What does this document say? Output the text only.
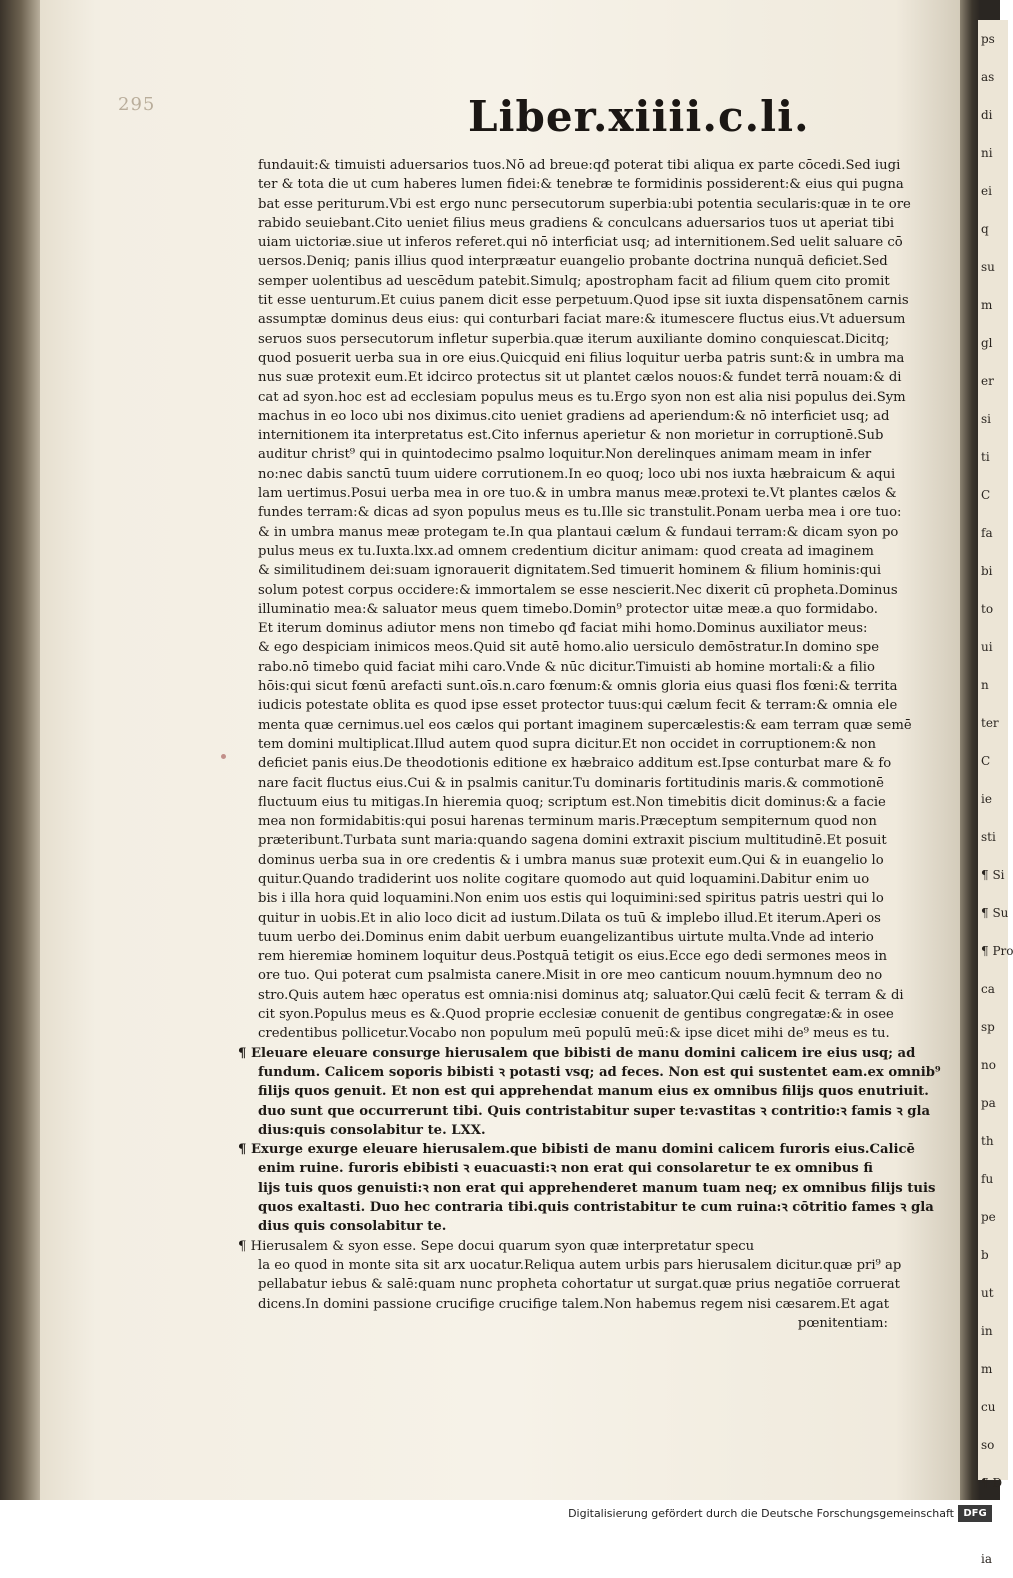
ps
as
di
ni
ei
q
su
m
gl
er
si
ti
C
fa
bi
to
ui
n
ter
C
ie
sti
¶ Si
¶ Su
¶ Pro
ca
sp
no
pa
th
fu
pe
b
ut
in
m
cu
so
¶ D
ia
295	Liber.xiiii.c.li.
fundauit:& timuisti aduersarios tuos.Nō ad breue:qđ poterat tibi aliqua ex parte cōcedi.Sed iugi
ter & tota die ut cum haberes lumen fidei:& tenebræ te formidinis possiderent:& eius qui pugna
bat esse periturum.Vbi est ergo nunc persecutorum superbia:ubi potentia secularis:quæ in te ore
rabido seuiebant.Cito ueniet filius meus gradiens & conculcans aduersarios tuos ut aperiat tibi
uiam uictoriæ.siue ut inferos referet.qui nō interficiat usq; ad internitionem.Sed uelit saluare cō
uersos.Deniq; panis illius quod interpræatur euangelio probante doctrina nunquā deficiet.Sed
semper uolentibus ad uescēdum patebit.Simulq; apostropham facit ad filium quem cito promit
tit esse uenturum.Et cuius panem dicit esse perpetuum.Quod ipse sit iuxta dispensatōnem carnis
assumptæ dominus deus eius: qui conturbari faciat mare:& itumescere fluctus eius.Vt aduersum
seruos suos persecutorum infletur superbia.quæ iterum auxiliante domino conquiescat.Dicitq;
quod posuerit uerba sua in ore eius.Quicquid eni filius loquitur uerba patris sunt:& in umbra ma
nus suæ protexit eum.Et idcirco protectus sit ut plantet cælos nouos:& fundet terrā nouam:& di
cat ad syon.hoc est ad ecclesiam populus meus es tu.Ergo syon non est alia nisi populus dei.Sym
machus in eo loco ubi nos diximus.cito ueniet gradiens ad aperiendum:& nō interficiet usq; ad
internitionem ita interpretatus est.Cito infernus aperietur & non morietur in corruptionē.Sub
auditur christ⁹ qui in quintodecimo psalmo loquitur.Non derelinques animam meam in infer
no:nec dabis sanctū tuum uidere corrutionem.In eo quoq; loco ubi nos iuxta hæbraicum & aqui
lam uertimus.Posui uerba mea in ore tuo.& in umbra manus meæ.protexi te.Vt plantes cælos &
fundes terram:& dicas ad syon populus meus es tu.Ille sic transtulit.Ponam uerba mea i ore tuo:
& in umbra manus meæ protegam te.In qua plantaui cælum & fundaui terram:& dicam syon po
pulus meus ex tu.Iuxta.lxx.ad omnem credentium dicitur animam: quod creata ad imaginem
& similitudinem dei:suam ignorauerit dignitatem.Sed timuerit hominem & filium hominis:qui
solum potest corpus occidere:& immortalem se esse nescierit.Nec dixerit cū propheta.Dominus
illuminatio mea:& saluator meus quem timebo.Domin⁹ protector uitæ meæ.a quo formidabo.
Et iterum dominus adiutor mens non timebo qđ faciat mihi homo.Dominus auxiliator meus:
& ego despiciam inimicos meos.Quid sit autē homo.alio uersiculo demōstratur.In domino spe
rabo.nō timebo quid faciat mihi caro.Vnde & nūc dicitur.Timuisti ab homine mortali:& a filio
hōis:qui sicut fœnū arefacti sunt.oīs.n.caro fœnum:& omnis gloria eius quasi flos fœni:& territa
iudicis potestate oblita es quod ipse esset protector tuus:qui cælum fecit & terram:& omnia ele
menta quæ cernimus.uel eos cælos qui portant imaginem supercælestis:& eam terram quæ semē
tem domini multiplicat.Illud autem quod supra dicitur.Et non occidet in corruptionem:& non
deficiet panis eius.De theodotionis editione ex hæbraico additum est.Ipse conturbat mare & fo
nare facit fluctus eius.Cui & in psalmis canitur.Tu dominaris fortitudinis maris.& commotionē
fluctuum eius tu mitigas.In hieremia quoq; scriptum est.Non timebitis dicit dominus:& a facie
mea non formidabitis:qui posui harenas terminum maris.Præceptum sempiternum quod non
præteribunt.Turbata sunt maria:quando sagena domini extraxit piscium multitudinē.Et posuit
dominus uerba sua in ore credentis & i umbra manus suæ protexit eum.Qui & in euangelio lo
quitur.Quando tradiderint uos nolite cogitare quomodo aut quid loquamini.Dabitur enim uo
bis i illa hora quid loquamini.Non enim uos estis qui loquimini:sed spiritus patris uestri qui lo
quitur in uobis.Et in alio loco dicit ad iustum.Dilata os tuū & implebo illud.Et iterum.Aperi os
tuum uerbo dei.Dominus enim dabit uerbum euangelizantibus uirtute multa.Vnde ad interio
rem hieremiæ hominem loquitur deus.Postquā tetigit os eius.Ecce ego dedi sermones meos in
ore tuo. Qui poterat cum psalmista canere.Misit in ore meo canticum nouum.hymnum deo no
stro.Quis autem hæc operatus est omnia:nisi dominus atq; saluator.Qui cælū fecit & terram & di
cit syon.Populus meus es &.Quod proprie ecclesiæ conuenit de gentibus congregatæ:& in osee
credentibus pollicetur.Vocabo non populum meū populū meū:& ipse dicet mihi de⁹ meus es tu.
¶ Eleuare eleuare consurge hierusalem que bibisti de manu domini calicem ire eius usq; ad
fundum. Calicem soporis bibisti ꝛ potasti vsq; ad feces. Non est qui sustentet eam.ex omnib⁹
filijs quos genuit. Et non est qui apprehendat manum eius ex omnibus filijs quos enutriuit.
duo sunt que occurrerunt tibi. Quis contristabitur super te:vastitas ꝛ contritio:ꝛ famis ꝛ gla
dius:quis consolabitur te. LXX.
¶ Exurge exurge eleuare hierusalem.que bibisti de manu domini calicem furoris eius.Calicē
enim ruine. furoris ebibisti ꝛ euacuasti:ꝛ non erat qui consolaretur te ex omnibus fi
lijs tuis quos genuisti:ꝛ non erat qui apprehenderet manum tuam neq; ex omnibus filijs tuis
quos exaltasti. Duo hec contraria tibi.quis contristabitur te cum ruina:ꝛ cōtritio fames ꝛ gla
dius quis consolabitur te.
¶ Hierusalem & syon esse. Sepe docui quarum syon quæ interpretatur specu
la eo quod in monte sita sit arx uocatur.Reliqua autem urbis pars hierusalem dicitur.quæ pri⁹ ap
pellabatur iebus & salē:quam nunc propheta cohortatur ut surgat.quæ prius negatiōe corruerat
dicens.In domini passione crucifige crucifige talem.Non habemus regem nisi cæsarem.Et agat
pœnitentiam:
Digitalisierung gefördert durch die Deutsche Forschungsgemeinschaft DFG
